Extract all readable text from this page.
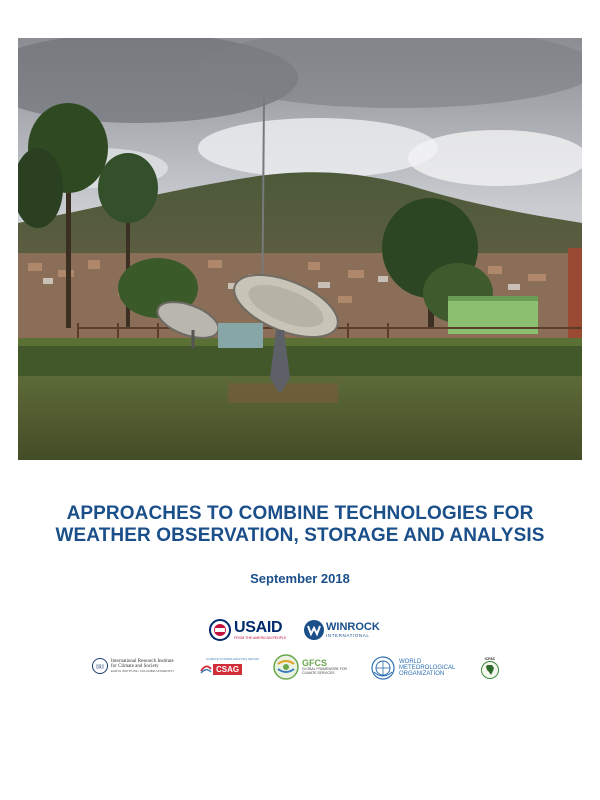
APPROACHES TO COMBINE TECHNOLOGIES FOR
WEATHER OBSERVATION, STORAGE AND ANALYSIS
September 2018
USAID
FROM THE AMERICAN PEOPLE
WINROCK
INTERNATIONAL
IRI
International Research Institute
for Climate and Society
EARTH INSTITUTE | COLUMBIA UNIVERSITY
CLIMATE SYSTEM ANALYSIS GROUP
CSAG
GFCS
GLOBAL FRAMEWORK FOR
CLIMATE SERVICES
WORLD
METEOROLOGICAL
ORGANIZATION
ICPAC
